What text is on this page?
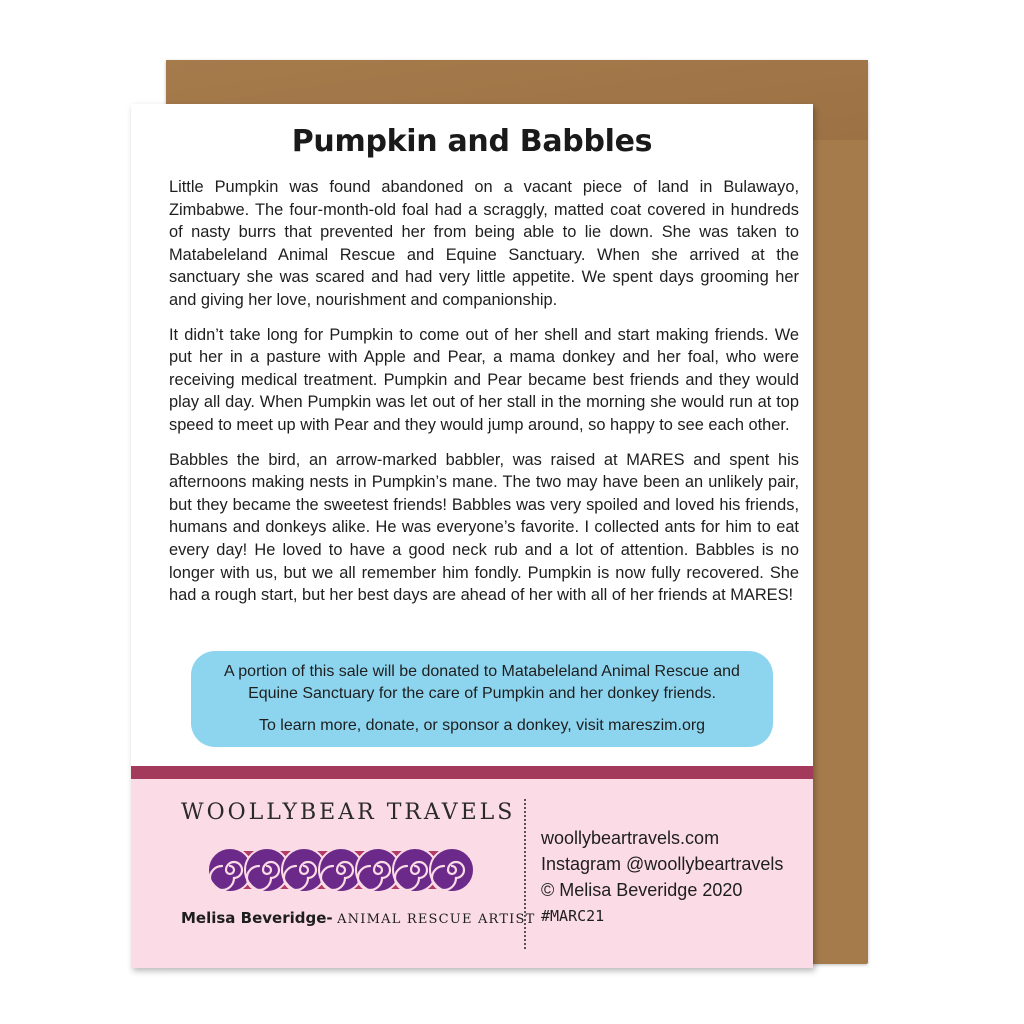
Pumpkin and Babbles

Little Pumpkin was found abandoned on a vacant piece of land in Bulawayo, Zimbabwe. The four-month-old foal had a scraggly, matted coat covered in hundreds of nasty burrs that prevented her from being able to lie down. She was taken to Matabeleland Animal Rescue and Equine Sanctuary. When she arrived at the sanctuary she was scared and had very little appetite. We spent days grooming her and giving her love, nourishment and companionship.

It didn’t take long for Pumpkin to come out of her shell and start making friends. We put her in a pasture with Apple and Pear, a mama donkey and her foal, who were receiving medical treatment. Pumpkin and Pear became best friends and they would play all day. When Pumpkin was let out of her stall in the morning she would run at top speed to meet up with Pear and they would jump around, so happy to see each other.

Babbles the bird, an arrow-marked babbler, was raised at MARES and spent his afternoons making nests in Pumpkin’s mane. The two may have been an unlikely pair, but they became the sweetest friends! Babbles was very spoiled and loved his friends, humans and donkeys alike. He was everyone’s favorite. I collected ants for him to eat every day! He loved to have a good neck rub and a lot of attention. Babbles is no longer with us, but we all remember him fondly. Pumpkin is now fully recovered. She had a rough start, but her best days are ahead of her with all of her friends at MARES!

A portion of this sale will be donated to Matabeleland Animal Rescue and
Equine Sanctuary for the care of Pumpkin and her donkey friends.
To learn more, donate, or sponsor a donkey, visit mareszim.org
WOOLLYBEAR TRAVELS
Melisa Beveridge- ANIMAL RESCUE ARTIST
woollybeartravels.com
Instagram @woollybeartravels
© Melisa Beveridge 2020
#MARC21
